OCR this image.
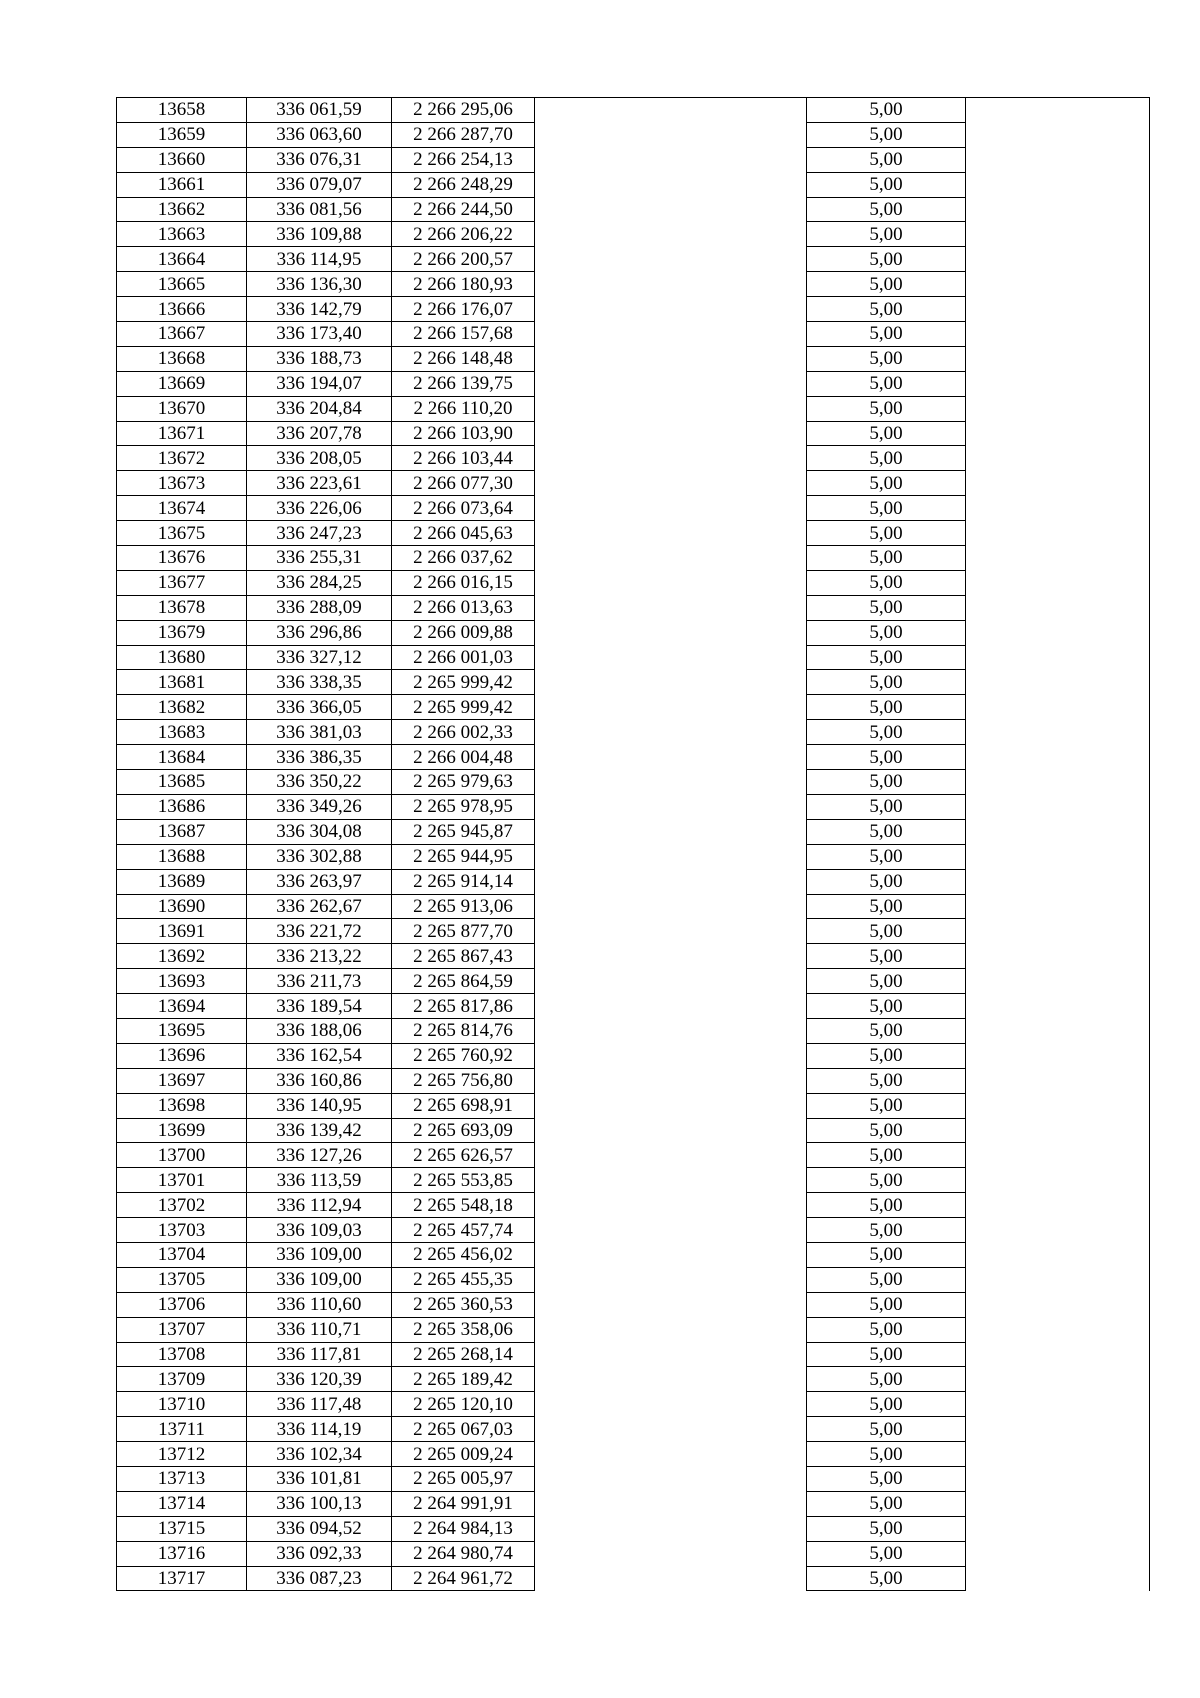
13658	336 061,59	2 266 295,06		5,00	
13659	336 063,60	2 266 287,70		5,00	
13660	336 076,31	2 266 254,13		5,00	
13661	336 079,07	2 266 248,29		5,00	
13662	336 081,56	2 266 244,50		5,00	
13663	336 109,88	2 266 206,22		5,00	
13664	336 114,95	2 266 200,57		5,00	
13665	336 136,30	2 266 180,93		5,00	
13666	336 142,79	2 266 176,07		5,00	
13667	336 173,40	2 266 157,68		5,00	
13668	336 188,73	2 266 148,48		5,00	
13669	336 194,07	2 266 139,75		5,00	
13670	336 204,84	2 266 110,20		5,00	
13671	336 207,78	2 266 103,90		5,00	
13672	336 208,05	2 266 103,44		5,00	
13673	336 223,61	2 266 077,30		5,00	
13674	336 226,06	2 266 073,64		5,00	
13675	336 247,23	2 266 045,63		5,00	
13676	336 255,31	2 266 037,62		5,00	
13677	336 284,25	2 266 016,15		5,00	
13678	336 288,09	2 266 013,63		5,00	
13679	336 296,86	2 266 009,88		5,00	
13680	336 327,12	2 266 001,03		5,00	
13681	336 338,35	2 265 999,42		5,00	
13682	336 366,05	2 265 999,42		5,00	
13683	336 381,03	2 266 002,33		5,00	
13684	336 386,35	2 266 004,48		5,00	
13685	336 350,22	2 265 979,63		5,00	
13686	336 349,26	2 265 978,95		5,00	
13687	336 304,08	2 265 945,87		5,00	
13688	336 302,88	2 265 944,95		5,00	
13689	336 263,97	2 265 914,14		5,00	
13690	336 262,67	2 265 913,06		5,00	
13691	336 221,72	2 265 877,70		5,00	
13692	336 213,22	2 265 867,43		5,00	
13693	336 211,73	2 265 864,59		5,00	
13694	336 189,54	2 265 817,86		5,00	
13695	336 188,06	2 265 814,76		5,00	
13696	336 162,54	2 265 760,92		5,00	
13697	336 160,86	2 265 756,80		5,00	
13698	336 140,95	2 265 698,91		5,00	
13699	336 139,42	2 265 693,09		5,00	
13700	336 127,26	2 265 626,57		5,00	
13701	336 113,59	2 265 553,85		5,00	
13702	336 112,94	2 265 548,18		5,00	
13703	336 109,03	2 265 457,74		5,00	
13704	336 109,00	2 265 456,02		5,00	
13705	336 109,00	2 265 455,35		5,00	
13706	336 110,60	2 265 360,53		5,00	
13707	336 110,71	2 265 358,06		5,00	
13708	336 117,81	2 265 268,14		5,00	
13709	336 120,39	2 265 189,42		5,00	
13710	336 117,48	2 265 120,10		5,00	
13711	336 114,19	2 265 067,03		5,00	
13712	336 102,34	2 265 009,24		5,00	
13713	336 101,81	2 265 005,97		5,00	
13714	336 100,13	2 264 991,91		5,00	
13715	336 094,52	2 264 984,13		5,00	
13716	336 092,33	2 264 980,74		5,00	
13717	336 087,23	2 264 961,72		5,00	
